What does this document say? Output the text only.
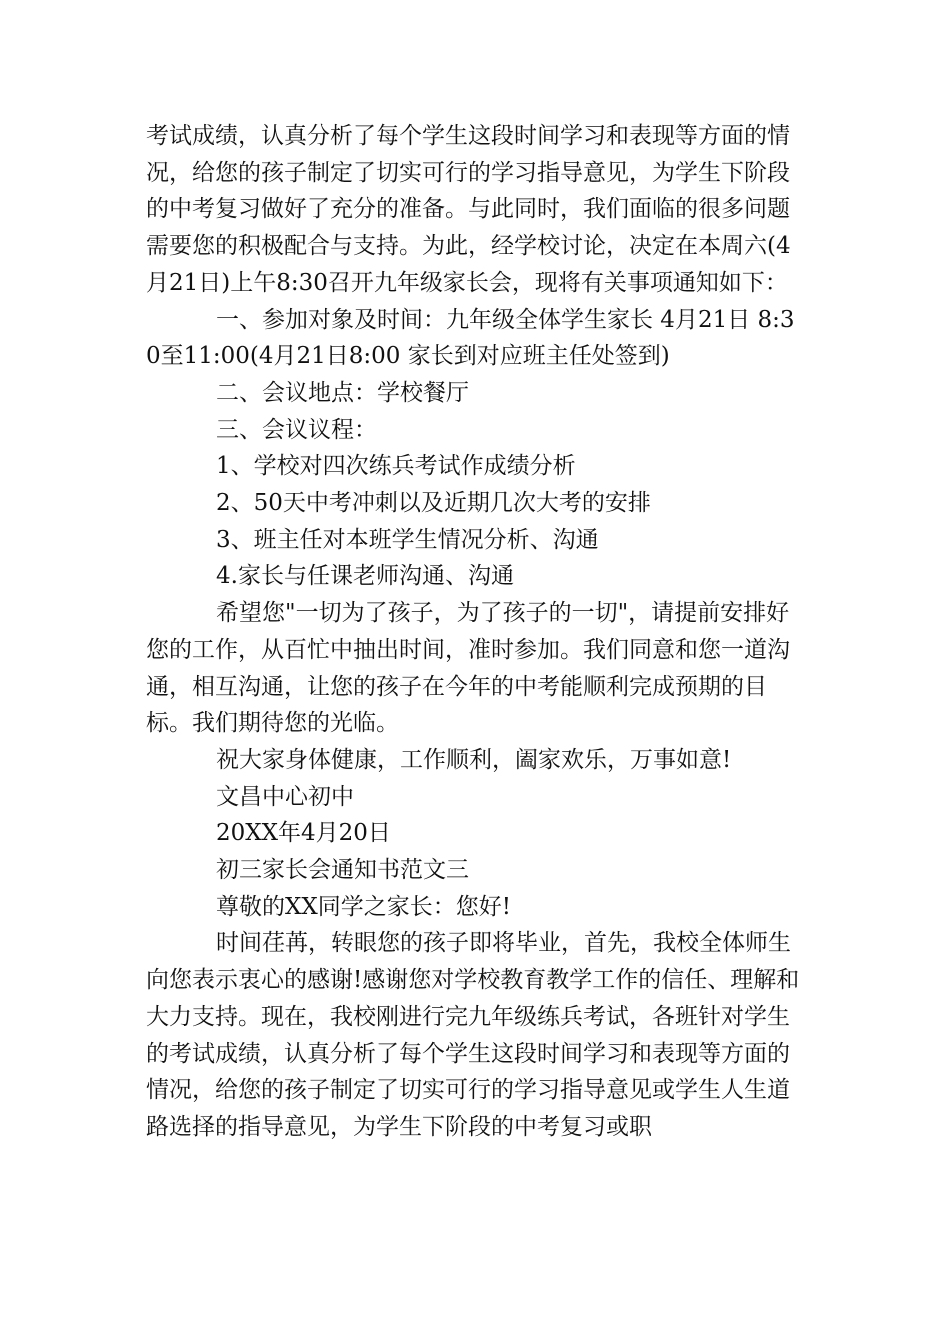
考试成绩，认真分析了每个学生这段时间学习和表现等方面的情况，给您的孩子制定了切实可行的学习指导意见，为学生下阶段的中考复习做好了充分的准备。与此同时，我们面临的很多问题需要您的积极配合与支持。为此，经学校讨论，决定在本周六(4月21日)上午8:30召开九年级家长会，现将有关事项通知如下：

一、参加对象及时间：九年级全体学生家长 4月21日 8:30至11:00(4月21日8:00 家长到对应班主任处签到)

二、会议地点：学校餐厅

三、会议议程：

1、学校对四次练兵考试作成绩分析

2、50天中考冲刺以及近期几次大考的安排

3、班主任对本班学生情况分析、沟通

4.家长与任课老师沟通、沟通

希望您"一切为了孩子，为了孩子的一切"，请提前安排好您的工作，从百忙中抽出时间，准时参加。我们同意和您一道沟通，相互沟通，让您的孩子在今年的中考能顺利完成预期的目标。我们期待您的光临。

祝大家身体健康，工作顺利，阖家欢乐，万事如意!

文昌中心初中

20XX年4月20日

初三家长会通知书范文三

尊敬的XX同学之家长：您好!

时间荏苒，转眼您的孩子即将毕业，首先，我校全体师生向您表示衷心的感谢!感谢您对学校教育教学工作的信任、理解和大力支持。现在，我校刚进行完九年级练兵考试，各班针对学生的考试成绩，认真分析了每个学生这段时间学习和表现等方面的情况，给您的孩子制定了切实可行的学习指导意见或学生人生道路选择的指导意见，为学生下阶段的中考复习或职
